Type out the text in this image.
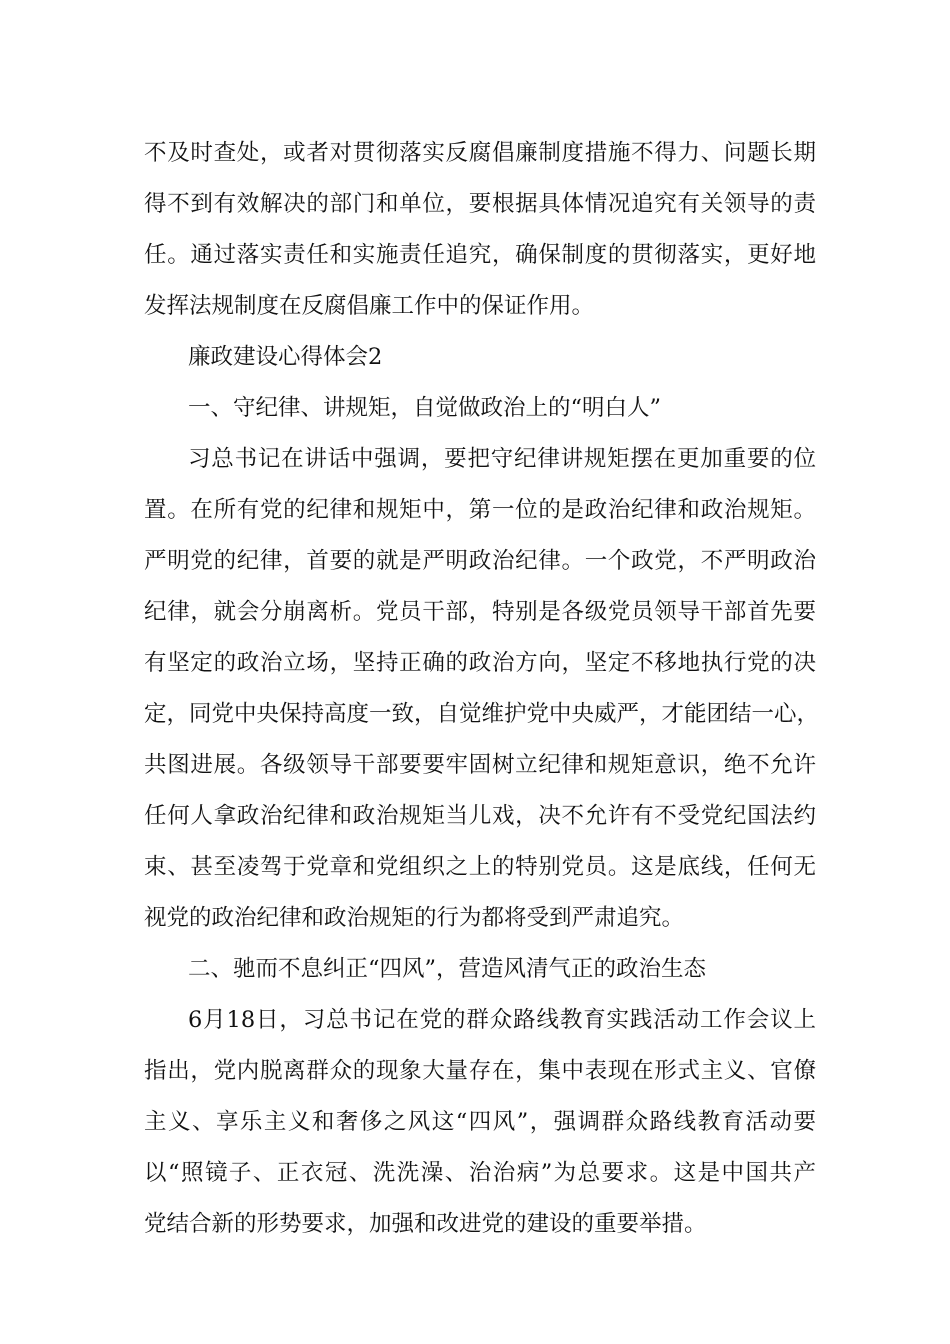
不及时查处，或者对贯彻落实反腐倡廉制度措施不得力、问题长期
得不到有效解决的部门和单位，要根据具体情况追究有关领导的责
任。通过落实责任和实施责任追究，确保制度的贯彻落实，更好地
发挥法规制度在反腐倡廉工作中的保证作用。
廉政建设心得体会2
一、守纪律、讲规矩，自觉做政治上的“明白人”
习总书记在讲话中强调，要把守纪律讲规矩摆在更加重要的位
置。在所有党的纪律和规矩中，第一位的是政治纪律和政治规矩。
严明党的纪律，首要的就是严明政治纪律。一个政党，不严明政治
纪律，就会分崩离析。党员干部，特别是各级党员领导干部首先要
有坚定的政治立场，坚持正确的政治方向，坚定不移地执行党的决
定，同党中央保持高度一致，自觉维护党中央威严，才能团结一心，
共图进展。各级领导干部要要牢固树立纪律和规矩意识，绝不允许
任何人拿政治纪律和政治规矩当儿戏，决不允许有不受党纪国法约
束、甚至凌驾于党章和党组织之上的特别党员。这是底线，任何无
视党的政治纪律和政治规矩的行为都将受到严肃追究。
二、驰而不息纠正“四风”，营造风清气正的政治生态
6月18日，习总书记在党的群众路线教育实践活动工作会议上
指出，党内脱离群众的现象大量存在，集中表现在形式主义、官僚
主义、享乐主义和奢侈之风这“四风”，强调群众路线教育活动要
以“照镜子、正衣冠、洗洗澡、治治病”为总要求。这是中国共产
党结合新的形势要求，加强和改进党的建设的重要举措。
